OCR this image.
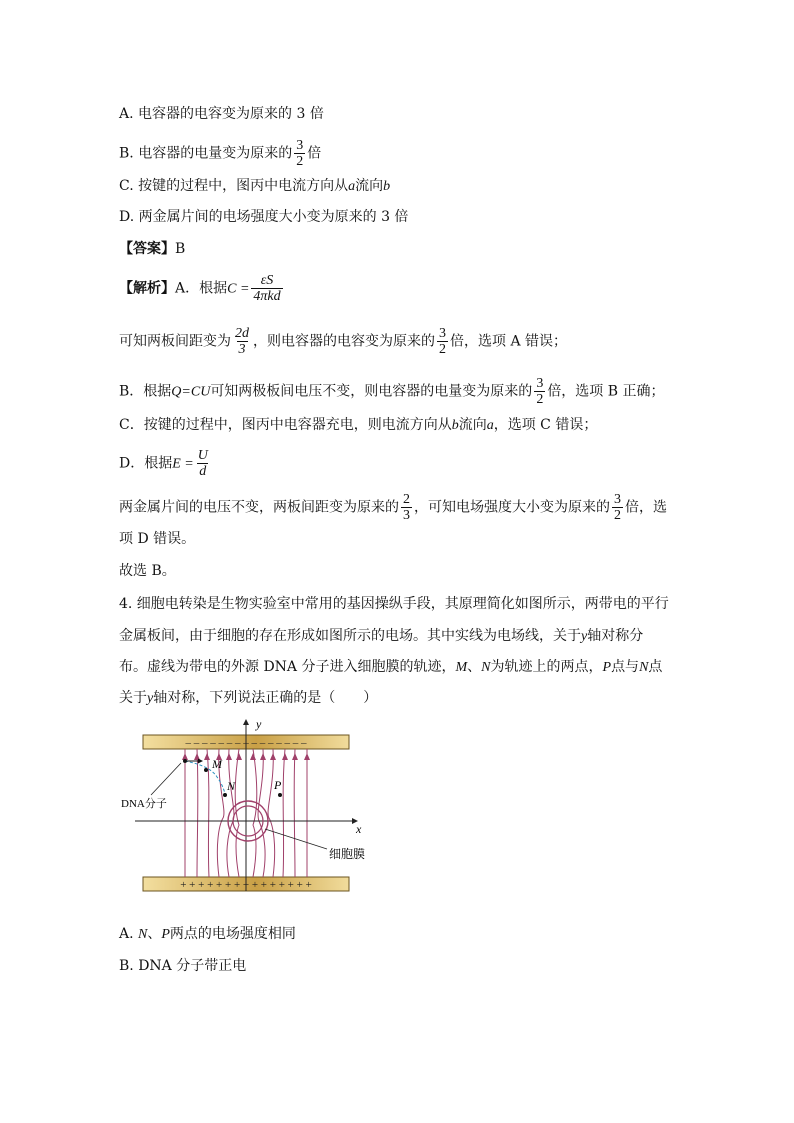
A. 电容器的电容变为原来的 3 倍
B. 电容器的电量变为原来的 $\frac{3}{2}$ 倍
C. 按键的过程中，图丙中电流方向从a流向b
D. 两金属片间的电场强度大小变为原来的 3 倍
【答案】B
【解析】A．根据$C = \frac{\varepsilon S}{\text{4πkd}}$
可知两板间距变为 $\frac{2d}{3}$ ，则电容器的电容变为原来的 $\frac{3}{2}$ 倍，选项 A 错误；
B．根据Q=CU可知两极板间电压不变，则电容器的电量变为原来的 $\frac{3}{2}$ 倍，选项 B 正确；
C．按键的过程中，图丙中电容器充电，则电流方向从b流向a，选项 C 错误；
D．根据$E = \frac{U}{d}$
两金属片间的电压不变，两板间距变为原来的 $\frac{2}{3}$ ，可知电场强度大小变为原来的 $\frac{3}{2}$ 倍，选
项 D 错误。
故选 B。
4. 细胞电转染是生物实验室中常用的基因操纵手段，其原理简化如图所示，两带电的平行
金属板间，由于细胞的存在形成如图所示的电场。其中实线为电场线，关于y轴对称分
布。虚线为带电的外源 DNA 分子进入细胞膜的轨迹，M、N为轨迹上的两点，P点与N点
关于y轴对称，下列说法正确的是（　　）
– – – – – – – – – – – – – – –
+ + + + + + + + + + + + + + +
y
x
细胞膜
M
N	P
DNA分子
A. N、P两点的电场强度相同
B. DNA 分子带正电
